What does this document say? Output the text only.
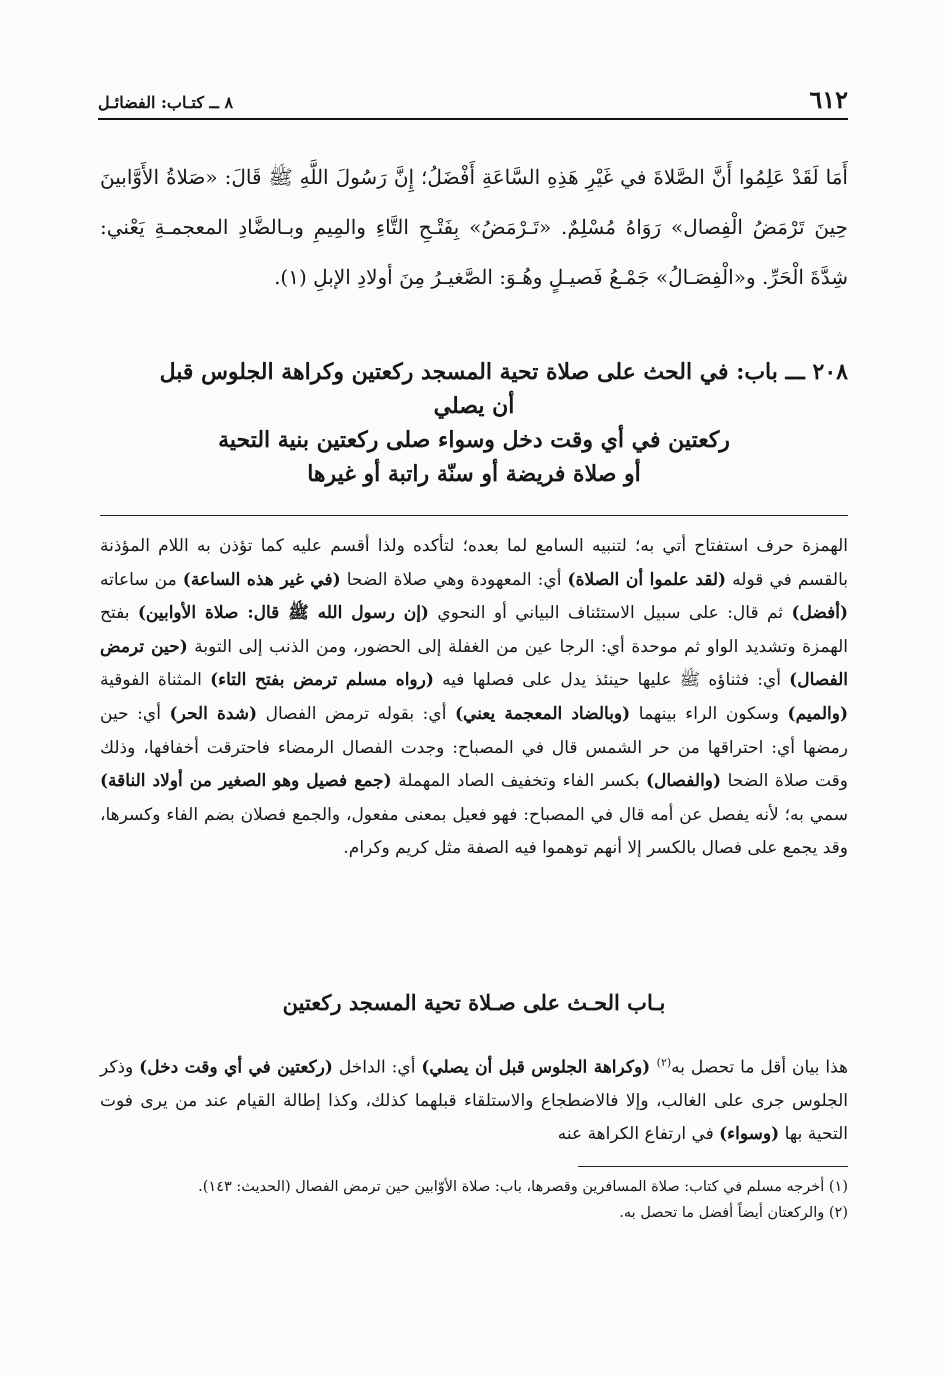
٦١٢
٨ ــ كتـاب: الفضائـل

أَمَا لَقَدْ عَلِمُوا أَنَّ الصَّلاةَ في غَيْرِ هَذِهِ السَّاعَةِ أَفْضَلُ؛ إِنَّ رَسُولَ اللَّهِ ﷺ قَالَ: «صَلاةُ الأَوَّابينَ حِينَ تَرْمَضُ الْفِصال» رَوَاهُ مُسْلِمٌ. «تَـرْمَضُ» بِفَتْـحِ التَّاءِ والمِيمِ وبـالضَّادِ المعجمـةِ يَعْني: شِدَّةَ الْحَرِّ. و«الْفِصَـالُ» جَمْـعُ فَصيـلٍ وهُـوَ: الصَّغيـرُ مِنَ أولادِ الإبلِ (١).

٢٠٨ ـــ باب: في الحث على صلاة تحية المسجد ركعتين وكراهة الجلوس قبل
أن يصلي
ركعتين في أي وقت دخل وسواء صلى ركعتين بنية التحية
أو صلاة فريضة أو سنّة راتبة أو غيرها

الهمزة حرف استفتاح أتي به؛ لتنبيه السامع لما بعده؛ لتأكده ولذا أقسم عليه كما تؤذن به اللام المؤذنة بالقسم في قوله (لقد علموا أن الصلاة) أي: المعهودة وهي صلاة الضحا (في غير هذه الساعة) من ساعاته (أفضل) ثم قال: على سبيل الاستئناف البياني أو النحوي (إن رسول الله ﷺ قال: صلاة الأوابين) بفتح الهمزة وتشديد الواو ثم موحدة أي: الرجا عين من الغفلة إلى الحضور، ومن الذنب إلى التوبة (حين ترمض الفصال) أي: فثناؤه ﷺ عليها حينئذ يدل على فصلها فيه (رواه مسلم ترمض بفتح التاء) المثناة الفوقية (والميم) وسكون الراء بينهما (وبالضاد المعجمة يعني) أي: بقوله ترمض الفصال (شدة الحر) أي: حين رمضها أي: احتراقها من حر الشمس قال في المصباح: وجدت الفصال الرمضاء فاحترقت أخفافها، وذلك وقت صلاة الضحا (والفصال) بكسر الفاء وتخفيف الصاد المهملة (جمع فصيل وهو الصغير من أولاد الناقة) سمي به؛ لأنه يفصل عن أمه قال في المصباح: فهو فعيل بمعنى مفعول، والجمع فصلان بضم الفاء وكسرها، وقد يجمع على فصال بالكسر إلا أنهم توهموا فيه الصفة مثل كريم وكرام.

بـاب الحـث على صـلاة تحية المسجد ركعتين

هذا بيان أقل ما تحصل به$^{(٢)}$ (وكراهة الجلوس قبل أن يصلي) أي: الداخل (ركعتين في أي وقت دخل) وذكر الجلوس جرى على الغالب، وإلا فالاضطجاع والاستلقاء قبلهما كذلك، وكذا إطالة القيام عند من يرى فوت التحية بها (وسواء) في ارتفاع الكراهة عنه

(١) أخرجه مسلم في كتاب: صلاة المسافرين وقصرها، باب: صلاة الأوّابين حين ترمض الفصال (الحديث: ١٤٣).

(٢) والركعتان أيضاً أفضل ما تحصل به.
